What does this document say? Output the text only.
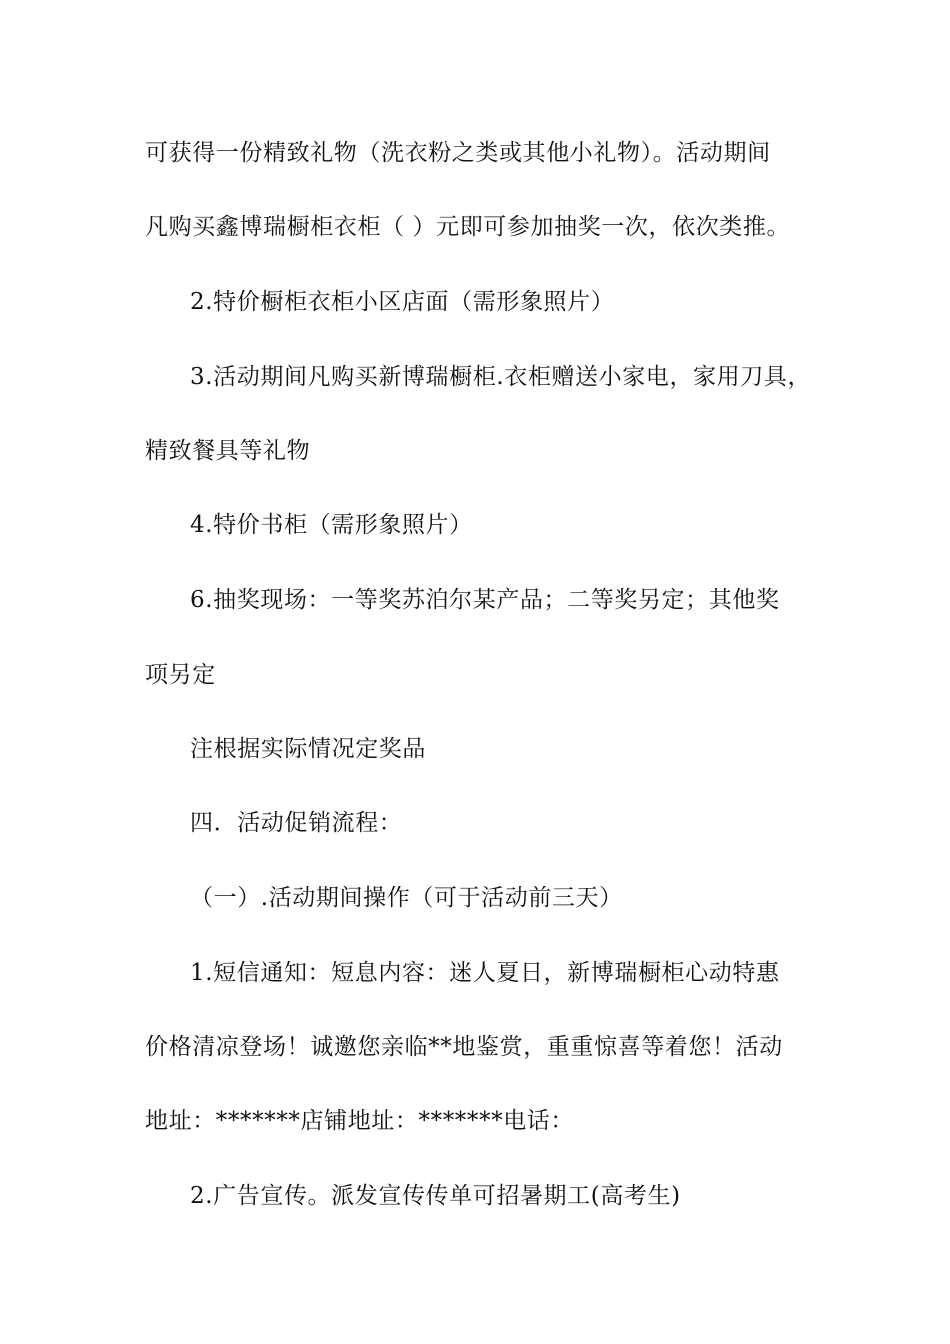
可获得一份精致礼物（洗衣粉之类或其他小礼物）。活动期间
凡购买鑫博瑞橱柜衣柜（ ）元即可参加抽奖一次，依次类推。
2.特价橱柜衣柜小区店面（需形象照片）
3.活动期间凡购买新博瑞橱柜.衣柜赠送小家电，家用刀具，
精致餐具等礼物
4.特价书柜（需形象照片）
6.抽奖现场：一等奖苏泊尔某产品；二等奖另定；其他奖
项另定
注根据实际情况定奖品
四．活动促销流程：
（一）.活动期间操作（可于活动前三天）
1.短信通知：短息内容：迷人夏日，新博瑞橱柜心动特惠
价格清凉登场！诚邀您亲临**地鉴赏，重重惊喜等着您！活动
地址：*******店铺地址：*******电话：
2.广告宣传。派发宣传传单可招暑期工(高考生)
